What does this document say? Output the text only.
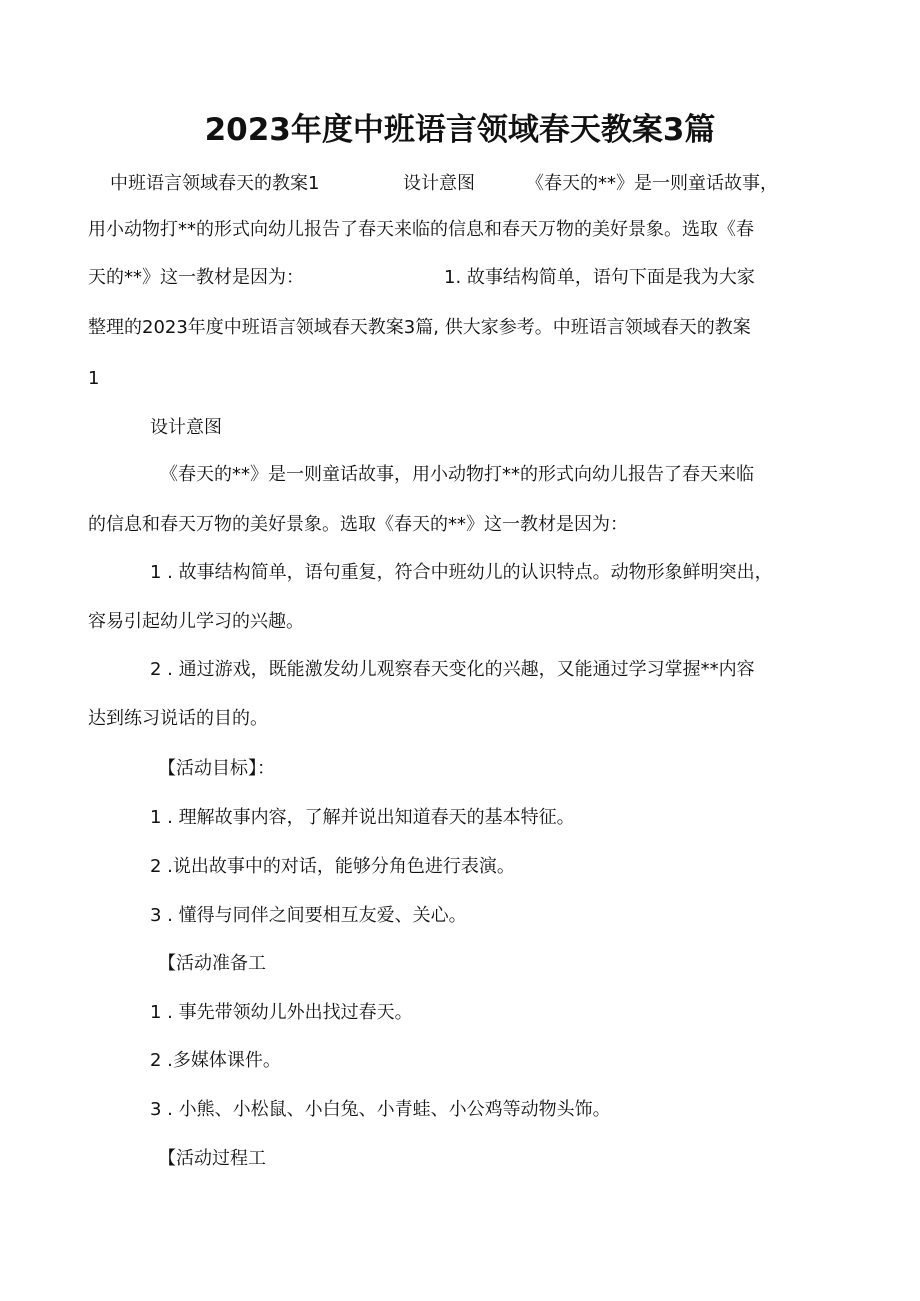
2023年度中班语言领域春天教案3篇
中班语言领域春天的教案1	设计意图	《春天的**》是一则童话故事，

用小动物打**的形式向幼儿报告了春天来临的信息和春天万物的美好景象。选取《春

天的**》这一教材是因为：	1. 故事结构简单，语句下面是我为大家

整理的2023年度中班语言领域春天教案3篇, 供大家参考。中班语言领域春天的教案

1

设计意图

《春天的**》是一则童话故事，用小动物打**的形式向幼儿报告了春天来临

的信息和春天万物的美好景象。选取《春天的**》这一教材是因为：

1 . 故事结构简单，语句重复，符合中班幼儿的认识特点。动物形象鲜明突出，

容易引起幼儿学习的兴趣。

2 . 通过游戏，既能激发幼儿观察春天变化的兴趣，又能通过学习掌握**内容

达到练习说话的目的。

【活动目标】：

1 . 理解故事内容，了解并说出知道春天的基本特征。

2 .说出故事中的对话，能够分角色进行表演。

3 . 懂得与同伴之间要相互友爱、关心。

【活动准备工

1 . 事先带领幼儿外出找过春天。

2 .多媒体课件。

3 . 小熊、小松鼠、小白兔、小青蛙、小公鸡等动物头饰。

【活动过程工
